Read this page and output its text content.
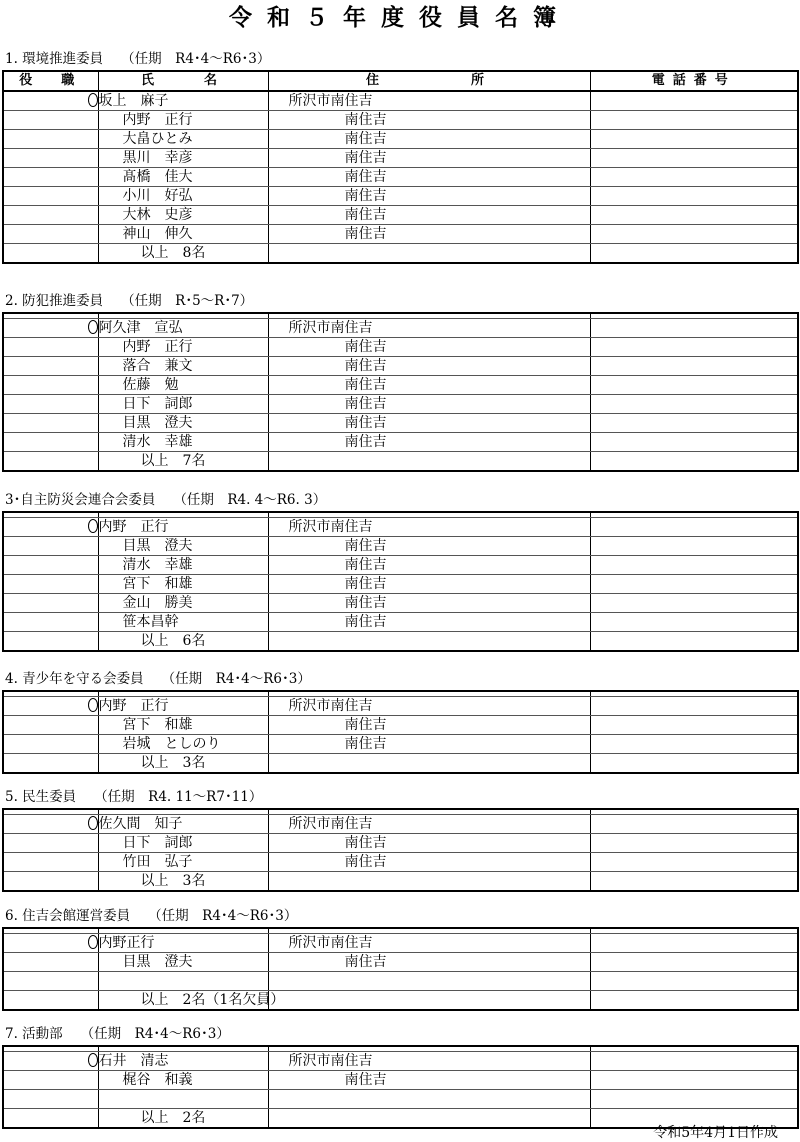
令和５年度役員名簿
1. 環境推進委員 （任期　R4･4～R6･3）
役　職	氏　　名	住　　　　所	電話番号
	坂上　麻子	所沢市南住吉	
	内野　正行	南住吉	
	大畠ひとみ	南住吉	
	黒川　幸彦	南住吉	
	髙橋　佳大	南住吉	
	小川　好弘	南住吉	
	大林　史彦	南住吉	
	神山　伸久	南住吉	
	以上　8名		
2. 防犯推進委員 （任期　R･5～R･7）

	阿久津　宣弘	所沢市南住吉	
	内野　正行	南住吉	
	落合　兼文	南住吉	
	佐藤　勉	南住吉	
	日下　詞郎	南住吉	
	目黒　澄夫	南住吉	
	清水　幸雄	南住吉	
	以上　7名		
3･自主防災会連合会委員 （任期　R4. 4～R6. 3）

	内野　正行	所沢市南住吉	
	目黒　澄夫	南住吉	
	清水　幸雄	南住吉	
	宮下　和雄	南住吉	
	金山　勝美	南住吉	
	笹本昌幹	南住吉	
	以上　6名		
4. 青少年を守る会委員 （任期　R4･4～R6･3）

	内野　正行	所沢市南住吉	
	宮下　和雄	南住吉	
	岩城　としのり	南住吉	
	以上　3名		
5. 民生委員 （任期　R4. 11～R7･11）

	佐久間　知子	所沢市南住吉	
	日下　詞郎	南住吉	
	竹田　弘子	南住吉	
	以上　3名		
6. 住吉会館運営委員 （任期　R4･4～R6･3）

	内野正行	所沢市南住吉	
	目黒　澄夫	南住吉	

	以上　2名（1名欠員）		
7. 活動部 （任期　R4･4～R6･3）

	石井　清志	所沢市南住吉	
	梶谷　和義	南住吉	

	以上　2名		
令和5年4月1日作成
